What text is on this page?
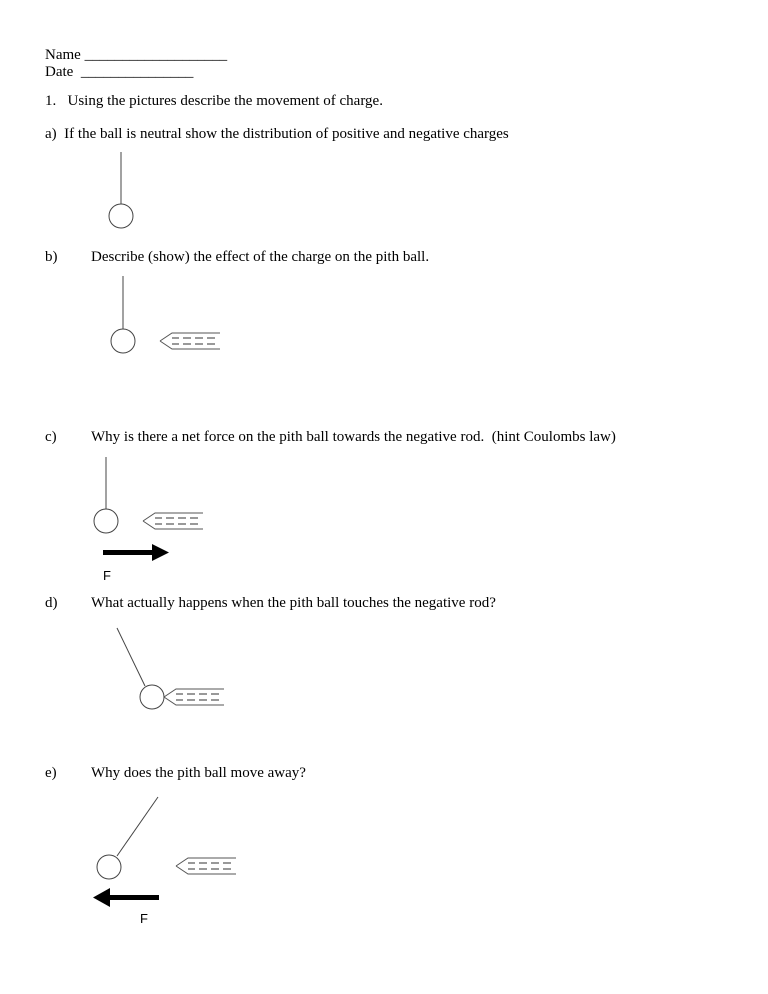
Name ___________________
Date _______________
1. Using the pictures describe the movement of charge.
a) If the ball is neutral show the distribution of positive and negative charges
b) Describe (show) the effect of the charge on the pith ball.
c) Why is there a net force on the pith ball towards the negative rod.  (hint Coulombs law)
d) What actually happens when the pith ball touches the negative rod?
e) Why does the pith ball move away?
F
F
